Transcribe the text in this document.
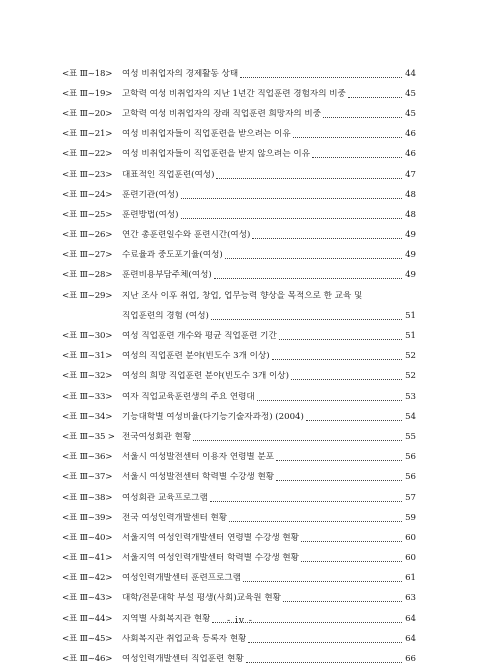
<표 Ⅲ~18>	여성 비취업자의 경제활동 상태	44
<표 Ⅲ~19>	고학력 여성 비취업자의 지난 1년간 직업훈련 경험자의 비중	45
<표 Ⅲ~20>	고학력 여성 비취업자의 장래 직업훈련 희망자의 비중	45
<표 Ⅲ~21>	여성 비취업자들이 직업훈련을 받으려는 이유	46
<표 Ⅲ~22>	여성 비취업자들이 직업훈련을 받지 않으려는 이유	46
<표 Ⅲ~23>	대표적인 직업훈련(여성)	47
<표 Ⅲ~24>	훈련기관(여성)	48
<표 Ⅲ~25>	훈련방법(여성)	48
<표 Ⅲ~26>	연간 총훈련일수와 훈련시간(여성)	49
<표 Ⅲ~27>	수료율과 중도포기율(여성)	49
<표 Ⅲ~28>	훈련비용부담주체(여성)	49
<표 Ⅲ~29>	지난 조사 이후 취업, 창업, 업무능력 향상을 목적으로 한 교육 및
직업훈련의 경험 (여성)	51
<표 Ⅲ~30>	여성 직업훈련 개수와 평균 직업훈련 기간	51
<표 Ⅲ~31>	여성의 직업훈련 분야(빈도수 3개 이상)	52
<표 Ⅲ~32>	여성의 희망 직업훈련 분야(빈도수 3개 이상)	52
<표 Ⅲ~33>	여자 직업교육훈련생의 주요 연령대	53
<표 Ⅲ~34>	기능대학별 여성비율(다기능기술자과정) (2004)	54
<표 Ⅲ~35 > 전국여성회관 현황	55
<표 Ⅲ~36>	서울시 여성발전센터 이용자 연령별 분포	56
<표 Ⅲ~37>	서울시 여성발전센터 학력별 수강생 현황	56
<표 Ⅲ~38>	여성회관 교육프로그램	57
<표 Ⅲ~39>	전국 여성인력개발센터 현황	59
<표 Ⅲ~40>	서울지역 여성인력개발센터 연령별 수강생 현황	60
<표 Ⅲ~41>	서울지역 여성인력개발센터 학력별 수강생 현황	60
<표 Ⅲ~42>	여성인력개발센터 훈련프로그램	61
<표 Ⅲ~43>	대학/전문대학 부설 평생(사회)교육원 현황	63
<표 Ⅲ~44>	지역별 사회복지관 현황	64
<표 Ⅲ~45>	사회복지관 취업교육 등록자 현황	64
<표 Ⅲ~46>	여성인력개발센터 직업훈련 현황	66
- iv -
